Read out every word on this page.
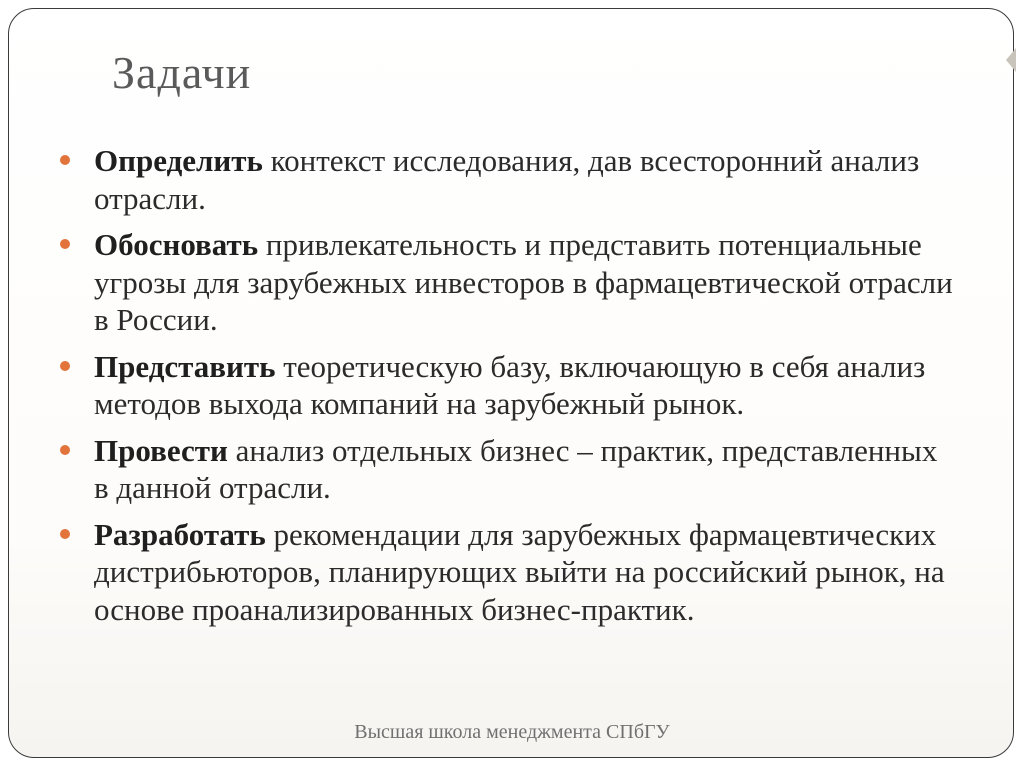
Задачи
Определить контекст исследования, дав всесторонний анализ отрасли.
Обосновать привлекательность и представить потенциальные угрозы для зарубежных инвесторов в фармацевтической отрасли в России.
Представить теоретическую базу, включающую в себя анализ методов выхода компаний на зарубежный рынок.
Провести анализ отдельных бизнес – практик, представленных в данной отрасли.
Разработать рекомендации для зарубежных фармацевтических дистрибьюторов, планирующих выйти на российский рынок, на основе проанализированных бизнес-практик.
Высшая школа менеджмента СПбГУ
